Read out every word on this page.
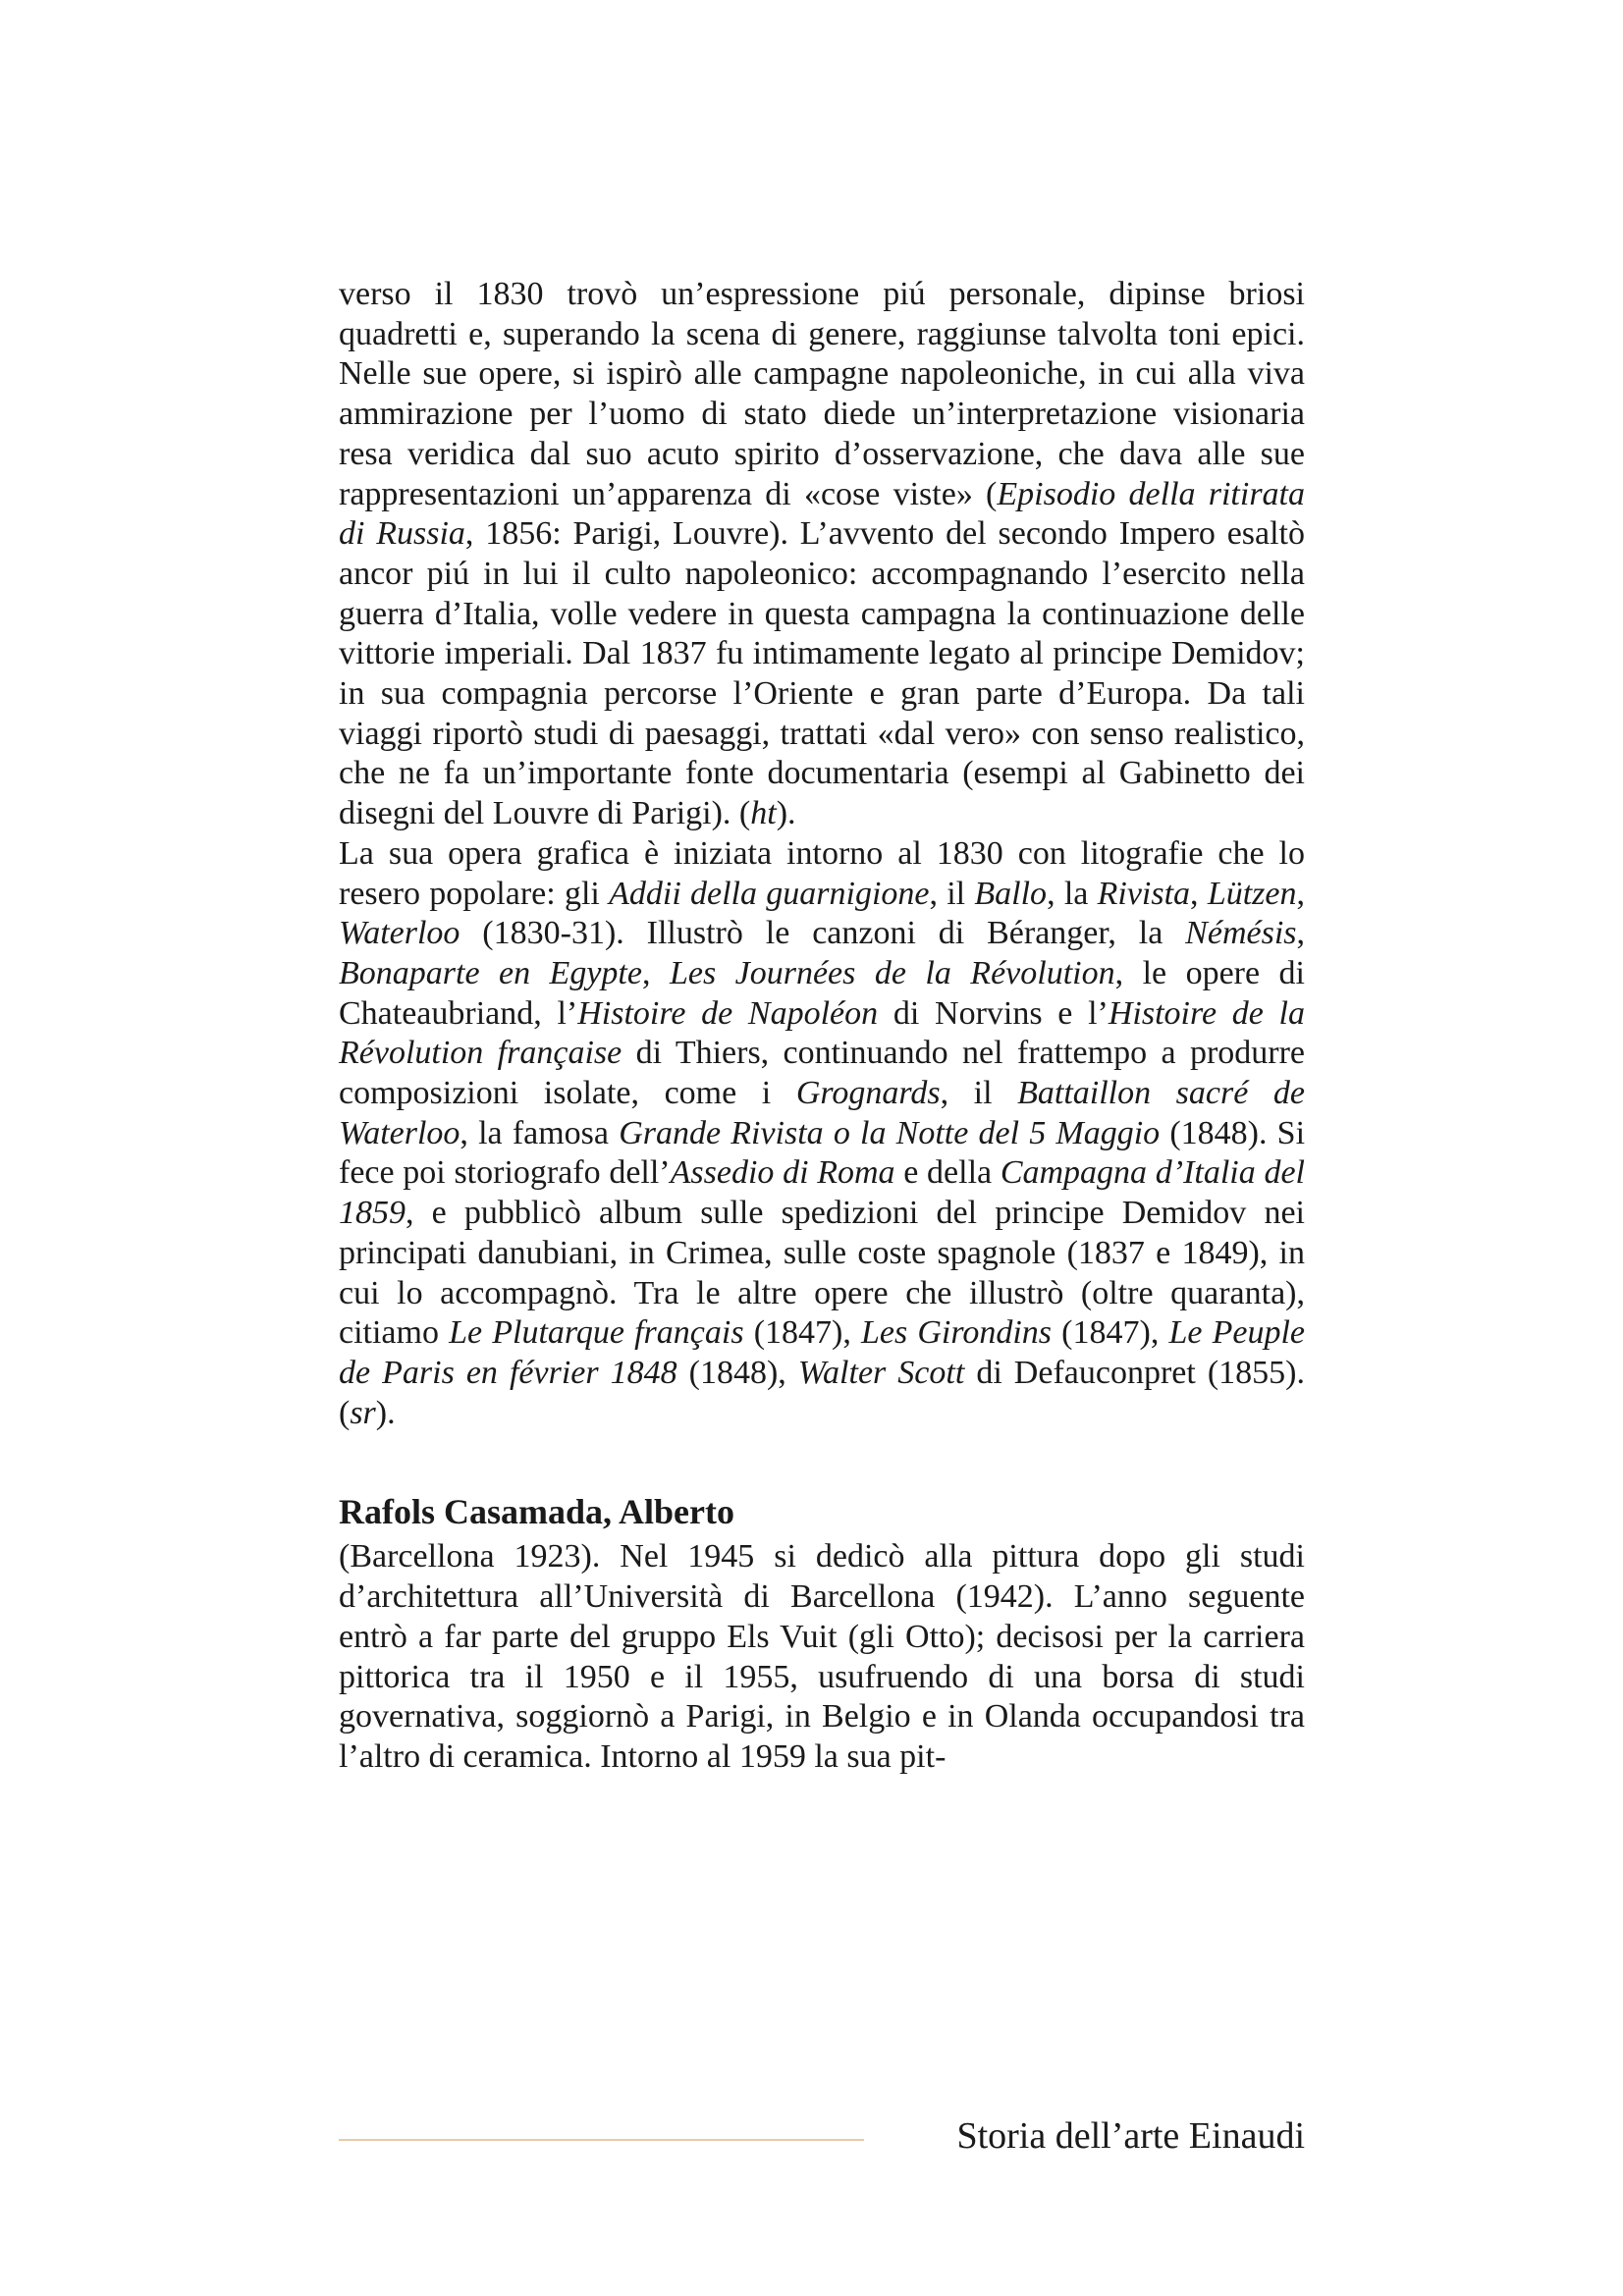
verso il 1830 trovò un’espressione piú personale, dipinse briosi quadretti e, superando la scena di genere, raggiunse talvolta toni epici. Nelle sue opere, si ispirò alle campagne napoleoniche, in cui alla viva ammirazione per l’uomo di stato diede un’interpretazione visionaria resa veridica dal suo acuto spirito d’osservazione, che dava alle sue rappresentazioni un’apparenza di «cose viste» (Episodio della ritirata di Russia, 1856: Parigi, Louvre). L’avvento del secondo Impero esaltò ancor piú in lui il culto napoleonico: accompagnando l’esercito nella guerra d’Italia, volle vedere in questa campagna la continuazione delle vittorie imperiali. Dal 1837 fu intimamente legato al principe Demidov; in sua compagnia percorse l’Oriente e gran parte d’Europa. Da tali viaggi riportò studi di paesaggi, trattati «dal vero» con senso realistico, che ne fa un’importante fonte documentaria (esempi al Gabinetto dei disegni del Louvre di Parigi). (ht).

La sua opera grafica è iniziata intorno al 1830 con litografie che lo resero popolare: gli Addii della guarnigione, il Ballo, la Rivista, Lützen, Waterloo (1830-31). Illustrò le canzoni di Béranger, la Némésis, Bonaparte en Egypte, Les Journées de la Révolution, le opere di Chateaubriand, l’Histoire de Napoléon di Norvins e l’Histoire de la Révolution française di Thiers, continuando nel frattempo a produrre composizioni isolate, come i Grognards, il Battaillon sacré de Waterloo, la famosa Grande Rivista o la Notte del 5 Maggio (1848). Si fece poi storiografo dell’Assedio di Roma e della Campagna d’Italia del 1859, e pubblicò album sulle spedizioni del principe Demidov nei principati danubiani, in Crimea, sulle coste spagnole (1837 e 1849), in cui lo accompagnò. Tra le altre opere che illustrò (oltre quaranta), citiamo Le Plutarque français (1847), Les Girondins (1847), Le Peuple de Paris en février 1848 (1848), Walter Scott di Defauconpret (1855). (sr).

Rafols Casamada, Alberto

(Barcellona 1923). Nel 1945 si dedicò alla pittura dopo gli studi d’architettura all’Università di Barcellona (1942). L’anno seguente entrò a far parte del gruppo Els Vuit (gli Otto); decisosi per la carriera pittorica tra il 1950 e il 1955, usufruendo di una borsa di studi governativa, soggiornò a Parigi, in Belgio e in Olanda occupandosi tra l’altro di ceramica. Intorno al 1959 la sua pit-

Storia dell’arte Einaudi
